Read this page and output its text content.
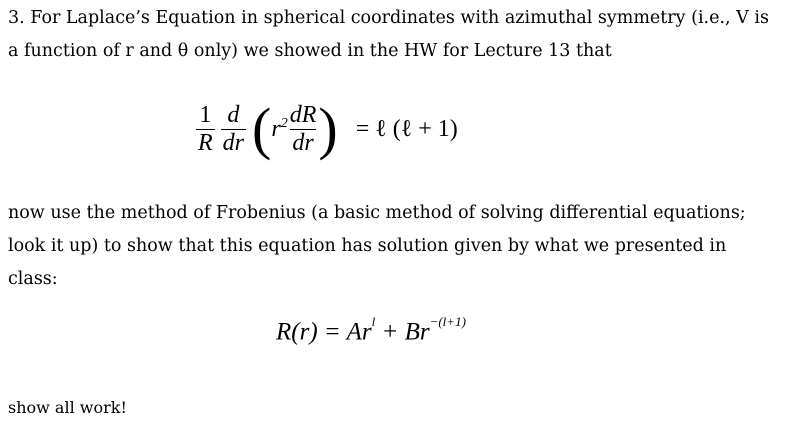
3. For Laplace’s Equation in spherical coordinates with azimuthal symmetry (i.e., V is
a function of r and θ only) we showed in the HW for Lecture 13 that
$\frac{1}{R}$
$\frac{d}{dr} (r^2 \frac{dR}{dr}$ ) = ℓ (ℓ + 1)
now use the method of Frobenius (a basic method of solving differential equations;
look it up) to show that this equation has solution given by what we presented in
class:
$R(r) = Ar^l + Br^{-(l+1)}$
show all work!
